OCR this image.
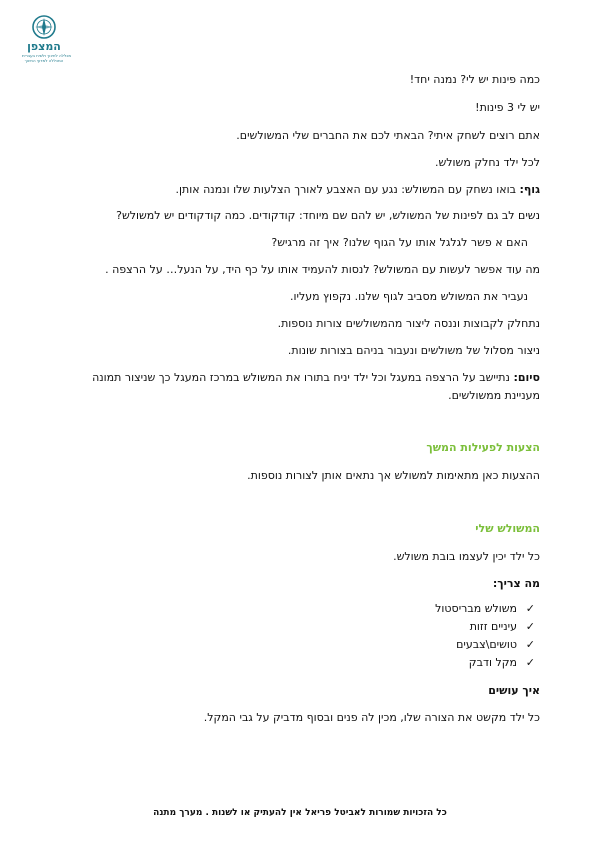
המצפן
מכללה לחינוך ולשיח בעברית
המכללה למדעי החינוך

כמה פינות יש לי? נמנה יחד!

יש לי 3 פינות!

אתם רוצים לשחק איתי? הבאתי לכם את החברים שלי המשולשים.

לכל ילד נחלק משולש.

גוף: בואו נשחק עם המשולש: נגע עם האצבע לאורך הצלעות שלו ונמנה אותן.

נשים לב גם לפינות של המשולש, יש להם שם מיוחד: קודקודים. כמה קודקודים יש למשולש?

האם א פשר לגלגל אותו על הגוף שלנו? איך זה מרגיש?

מה עוד אפשר לעשות עם המשולש? לנסות להעמיד אותו על כף היד, על הנעל… על הרצפה .

נעביר את המשולש מסביב לגוף שלנו. נקפוץ מעליו.

נתחלק לקבוצות וננסה ליצור מהמשולשים צורות נוספות.

ניצור מסלול של משולשים ונעבור בניהם בצורות שונות.

סיום: נתיישב על הרצפה במעגל וכל ילד יניח בתורו את המשולש במרכז המעגל כך שניצור תמונה

מעניינת ממשולשים.

הצעות לפעילות המשך

ההצעות כאן מתאימות למשולש אך נתאים אותן לצורות נוספות.

המשולש שלי

כל ילד יכין לעצמו בובת משולש.

מה צריך:

✓
משולש מבריסטול
✓
עיניים זזות
✓
טושים\צבעים
✓
מקל ודבק

איך עושים

כל ילד מקשט את הצורה שלו, מכין לה פנים ובסוף מדביק על גבי המקל.

כל הזכויות שמורות לאביטל פריאל אין להעתיק או לשנות . מערך מתנה
